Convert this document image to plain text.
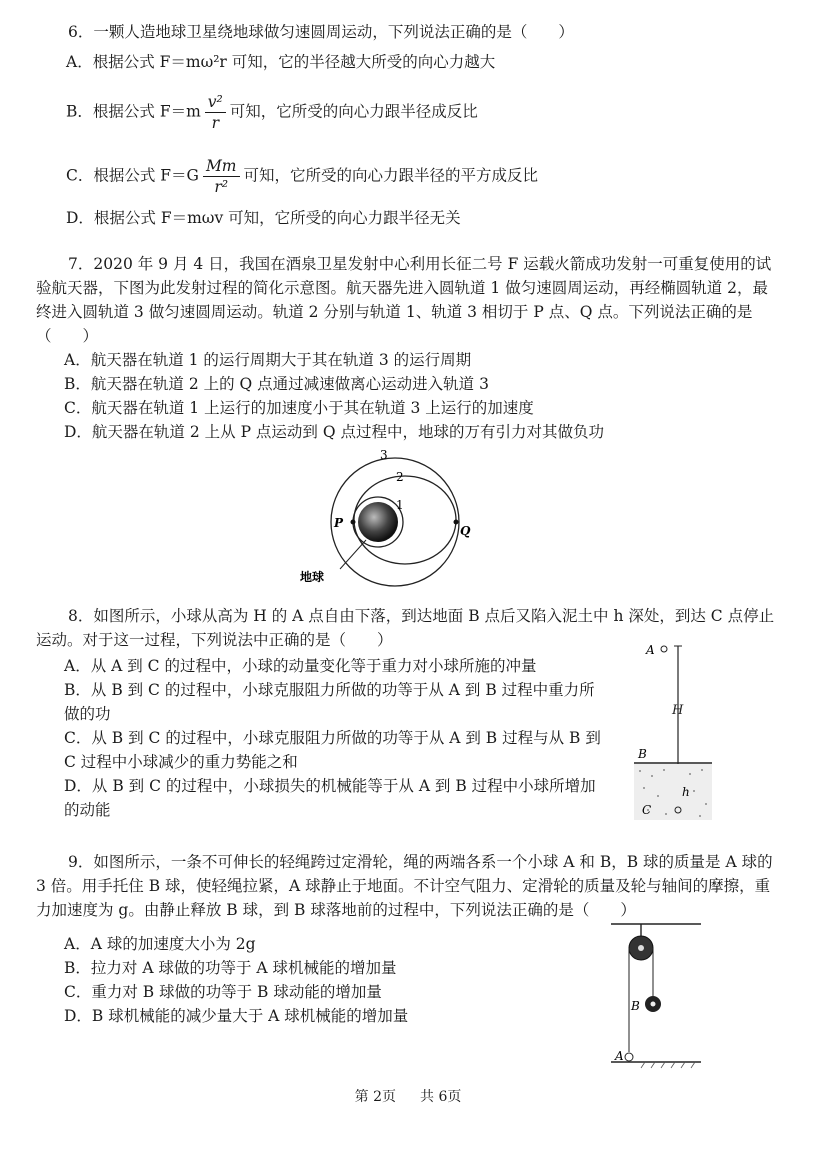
6．一颗人造地球卫星绕地球做匀速圆周运动，下列说法正确的是（　　）

A．根据公式 F＝mω²r 可知，它的半径越大所受的向心力越大
B．根据公式 $F=m \frac{\text{v²}}{r}$ 可知，它所受的向心力跟半径成反比
C．根据公式 $F=G \frac{Mm}{\text{r²}}$ 可知，它所受的向心力跟半径的平方成反比
D．根据公式 F＝mωv 可知，它所受的向心力跟半径无关

7．2020 年 9 月 4 日，我国在酒泉卫星发射中心利用长征二号 F 运载火箭成功发射一可重复使用的试验航天器，下图为此发射过程的简化示意图。航天器先进入圆轨道 1 做匀速圆周运动，再经椭圆轨道 2，最终进入圆轨道 3 做匀速圆周运动。轨道 2 分别与轨道 1、轨道 3 相切于 P 点、Q 点。下列说法正确的是（　　）

A．航天器在轨道 1 的运行周期大于其在轨道 3 的运行周期

B．航天器在轨道 2 上的 Q 点通过减速做离心运动进入轨道 3

C．航天器在轨道 1 上运行的加速度小于其在轨道 3 上运行的加速度

D．航天器在轨道 2 上从 P 点运动到 Q 点过程中，地球的万有引力对其做负功

3
2
1
P
Q
地球

8．如图所示，小球从高为 H 的 A 点自由下落，到达地面 B 点后又陷入泥土中 h 深处，到达 C 点停止运动。对于这一过程，下列说法中正确的是（　　）

A．从 A 到 C 的过程中，小球的动量变化等于重力对小球所施的冲量

B．从 B 到 C 的过程中，小球克服阻力所做的功等于从 A 到 B 过程中重力所做的功

C．从 B 到 C 的过程中，小球克服阻力所做的功等于从 A 到 B 过程与从 B 到 C 过程中小球减少的重力势能之和

D．从 B 到 C 的过程中，小球损失的机械能等于从 A 到 B 过程中小球所增加的动能

A
H
B
h
C

9．如图所示，一条不可伸长的轻绳跨过定滑轮，绳的两端各系一个小球 A 和 B，B 球的质量是 A 球的 3 倍。用手托住 B 球，使轻绳拉紧，A 球静止于地面。不计空气阻力、定滑轮的质量及轮与轴间的摩擦，重力加速度为 g。由静止释放 B 球，到 B 球落地前的过程中，下列说法正确的是（　　）

A．A 球的加速度大小为 2g

B．拉力对 A 球做的功等于 A 球机械能的增加量

C．重力对 B 球做的功等于 B 球动能的增加量

D．B 球机械能的减少量大于 A 球机械能的增加量

B
A
第 2页 共 6页
